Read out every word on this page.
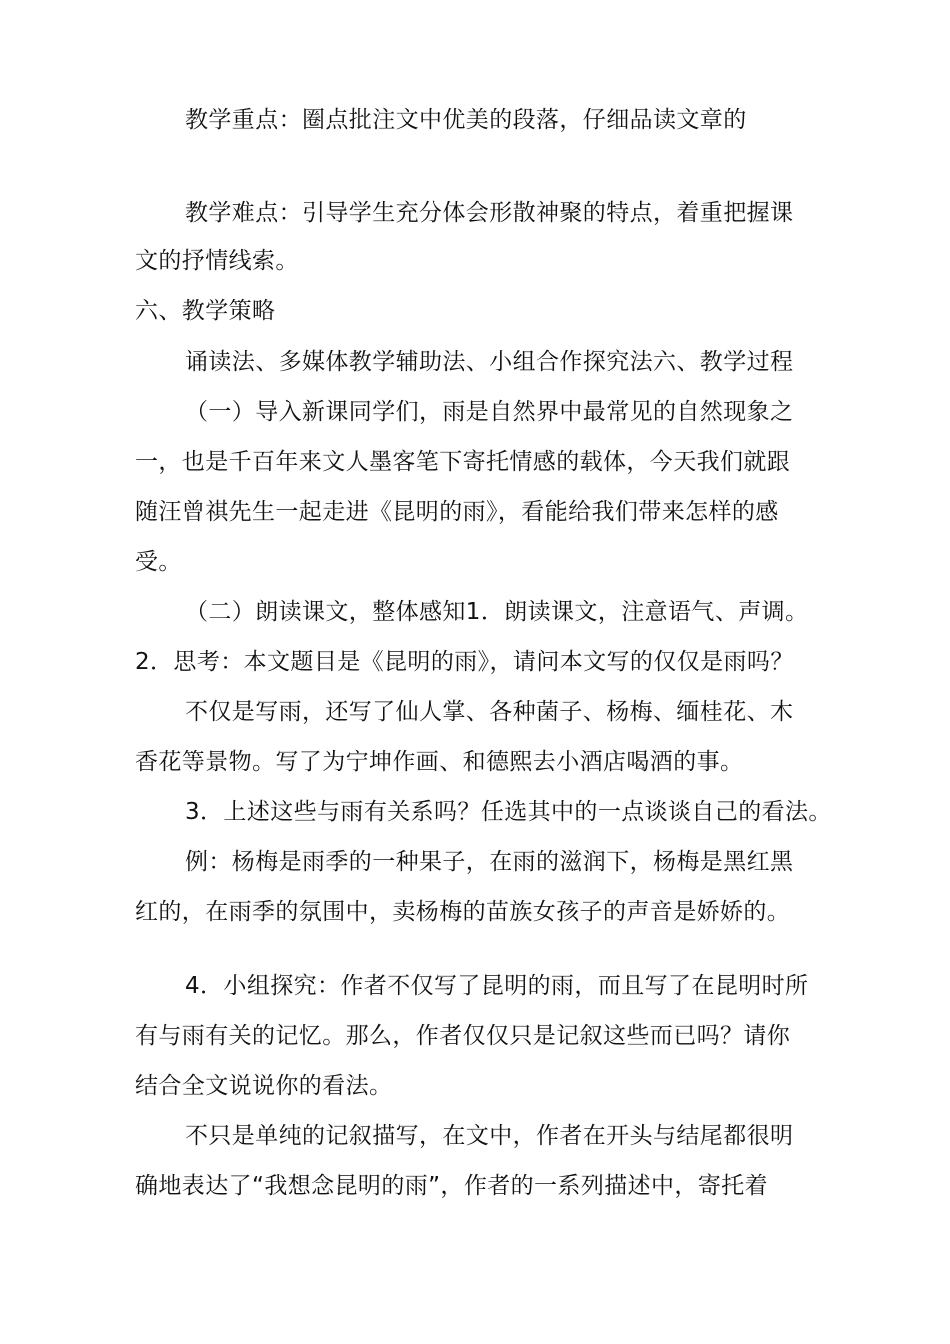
教学重点：圈点批注文中优美的段落，仔细品读文章的
教学难点：引导学生充分体会形散神聚的特点，着重把握课
文的抒情线索。
六、教学策略
诵读法、多媒体教学辅助法、小组合作探究法六、教学过程
（一）导入新课同学们，雨是自然界中最常见的自然现象之
一，也是千百年来文人墨客笔下寄托情感的载体，今天我们就跟
随汪曾祺先生一起走进《昆明的雨》，看能给我们带来怎样的感
受。
（二）朗读课文，整体感知1．朗读课文，注意语气、声调。
2．思考：本文题目是《昆明的雨》，请问本文写的仅仅是雨吗？
不仅是写雨，还写了仙人掌、各种菌子、杨梅、缅桂花、木
香花等景物。写了为宁坤作画、和德熙去小酒店喝酒的事。
3．上述这些与雨有关系吗？任选其中的一点谈谈自己的看法。
例：杨梅是雨季的一种果子，在雨的滋润下，杨梅是黑红黑
红的，在雨季的氛围中，卖杨梅的苗族女孩子的声音是娇娇的。
4．小组探究：作者不仅写了昆明的雨，而且写了在昆明时所
有与雨有关的记忆。那么，作者仅仅只是记叙这些而已吗？请你
结合全文说说你的看法。
不只是单纯的记叙描写，在文中，作者在开头与结尾都很明
确地表达了“我想念昆明的雨”，作者的一系列描述中，寄托着
